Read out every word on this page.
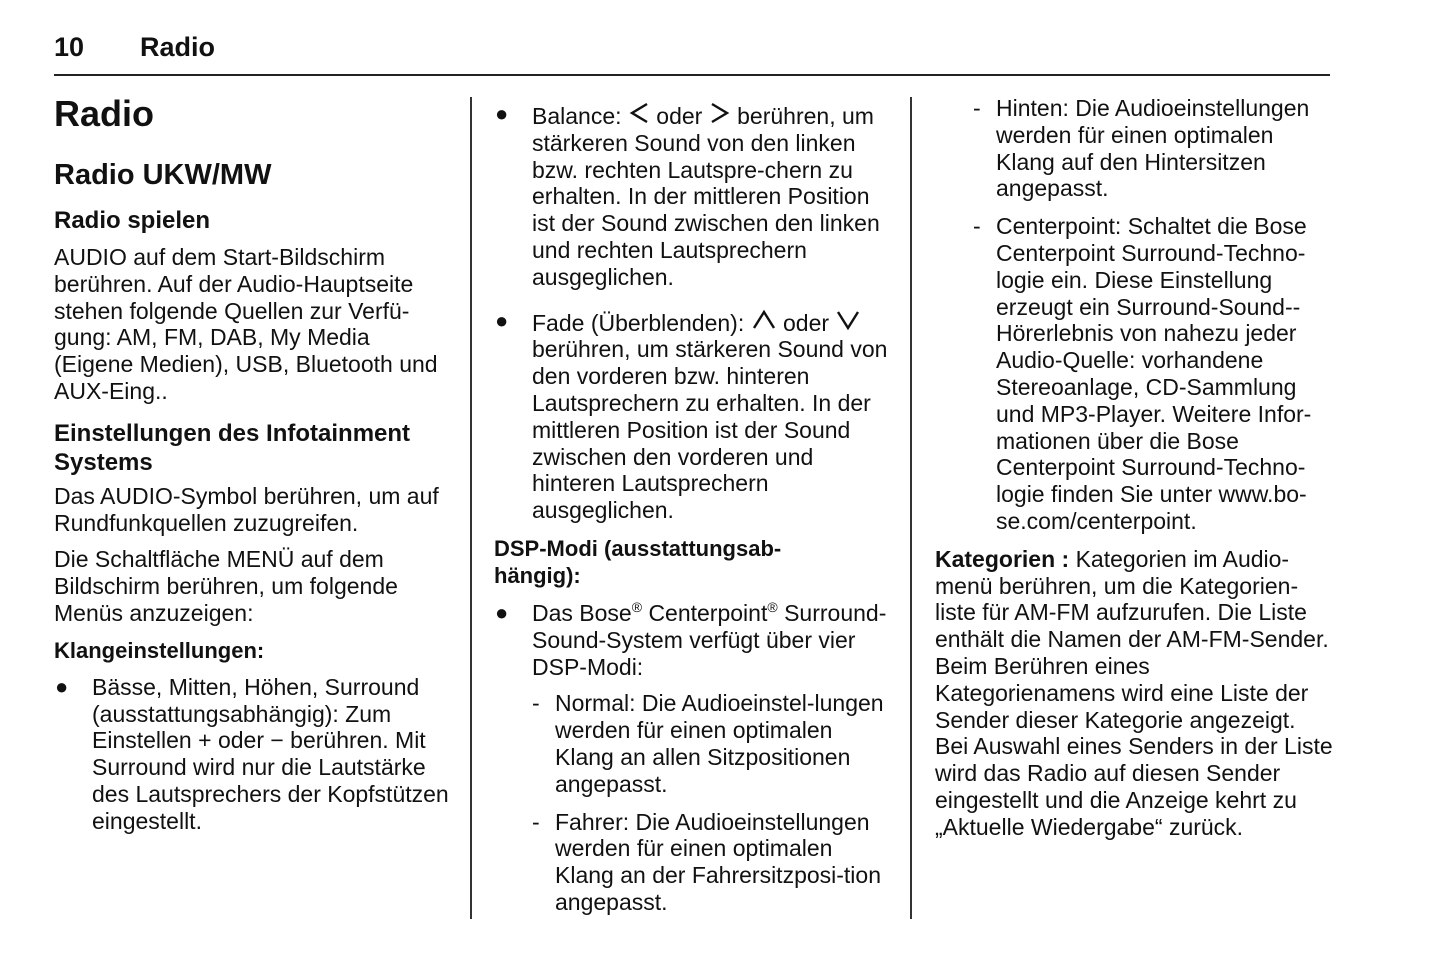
10 Radio
Radio
Radio UKW/MW
Radio spielen

AUDIO auf dem Start-Bildschirm berühren. Auf der Audio-Hauptseite stehen folgende Quellen zur Verfü-gung: AM, FM, DAB, My Media (Eigene Medien), USB, Bluetooth und AUX-Eing..

Einstellungen des Infotainment Systems

Das AUDIO-Symbol berühren, um auf Rundfunkquellen zuzugreifen.

Die Schaltfläche MENÜ auf dem Bildschirm berühren, um folgende Menüs anzuzeigen:

Klangeinstellungen:

● Bässe, Mitten, Höhen, Surround (ausstattungsabhängig): Zum Einstellen + oder − berühren. Mit Surround wird nur die Lautstärke des Lautsprechers der Kopfstützen eingestellt.
● Balance: oder berühren, um stärkeren Sound von den linken bzw. rechten Lautspre-chern zu erhalten. In der mittleren Position ist der Sound zwischen den linken und rechten Lautsprechern ausgeglichen.
● Fade (Überblenden): oder  berühren, um stärkeren Sound von den vorderen bzw. hinteren Lautsprechern zu erhalten. In der mittleren Position ist der Sound zwischen den vorderen und hinteren Lautsprechern ausgeglichen.

DSP-Modi (ausstattungsab-hängig):

● Das Bose® Centerpoint® Surround-Sound-System verfügt über vier DSP-Modi:
- Normal: Die Audioeinstel-lungen werden für einen optimalen Klang an allen Sitzpositionen angepasst.
- Fahrer: Die Audioeinstellungen werden für einen optimalen Klang an der Fahrersitzposi-tion angepasst.
- Hinten: Die Audioeinstellungen werden für einen optimalen Klang auf den Hintersitzen angepasst.
- Centerpoint: Schaltet die Bose Centerpoint Surround-Techno-logie ein. Diese Einstellung erzeugt ein Surround-Sound--Hörerlebnis von nahezu jeder Audio-Quelle: vorhandene Stereoanlage, CD-Sammlung und MP3-Player. Weitere Infor-mationen über die Bose Centerpoint Surround-Techno-logie finden Sie unter www.bo-se.com/centerpoint.

Kategorien : Kategorien im Audio-menü berühren, um die Kategorien-liste für AM-FM aufzurufen. Die Liste enthält die Namen der AM-FM-Sender. Beim Berühren eines Kategorienamens wird eine Liste der Sender dieser Kategorie angezeigt. Bei Auswahl eines Senders in der Liste wird das Radio auf diesen Sender eingestellt und die Anzeige kehrt zu „Aktuelle Wiedergabe“ zurück.
